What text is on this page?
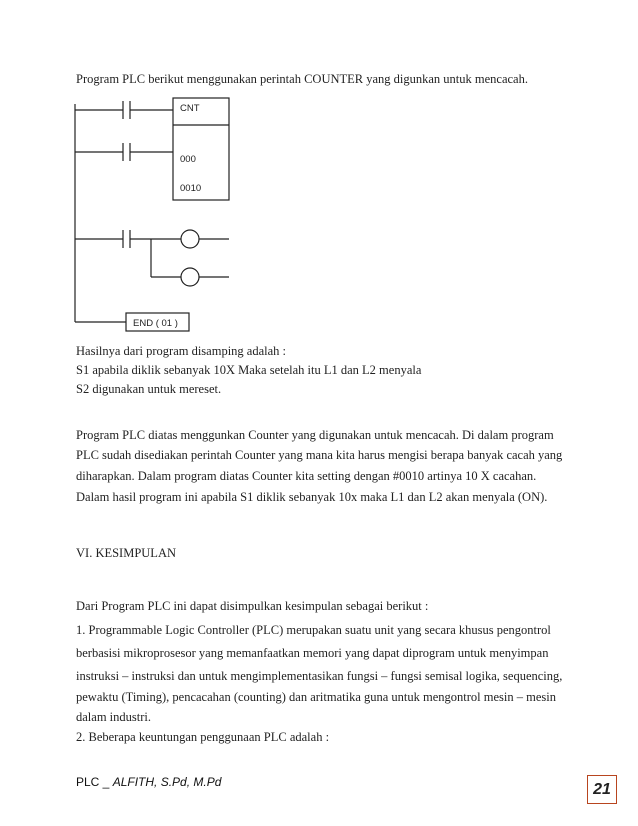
Program PLC berikut menggunakan perintah COUNTER yang digunkan untuk mencacah.
CNT
000
0010
END ( 01 )
Hasilnya dari program disamping adalah :
S1 apabila diklik sebanyak 10X Maka setelah itu L1 dan L2 menyala
S2 digunakan untuk mereset.
Program PLC diatas menggunkan Counter yang digunakan untuk mencacah. Di dalam program
PLC sudah disediakan perintah Counter yang mana kita harus mengisi berapa banyak cacah yang
diharapkan. Dalam program diatas Counter kita setting dengan #0010 artinya 10 X cacahan.
Dalam hasil program ini apabila S1 diklik sebanyak 10x maka L1 dan L2 akan menyala (ON).
VI. KESIMPULAN
Dari Program PLC ini dapat disimpulkan kesimpulan sebagai berikut :
1. Programmable Logic Controller (PLC) merupakan suatu unit yang secara khusus pengontrol
berbasisi mikroprosesor yang memanfaatkan memori yang dapat diprogram untuk menyimpan
instruksi – instruksi dan untuk mengimplementasikan fungsi – fungsi semisal logika, sequencing,
pewaktu (Timing), pencacahan (counting) dan aritmatika guna untuk mengontrol mesin – mesin
dalam industri.
2. Beberapa keuntungan penggunaan PLC adalah :
PLC _ ALFITH, S.Pd, M.Pd	21
